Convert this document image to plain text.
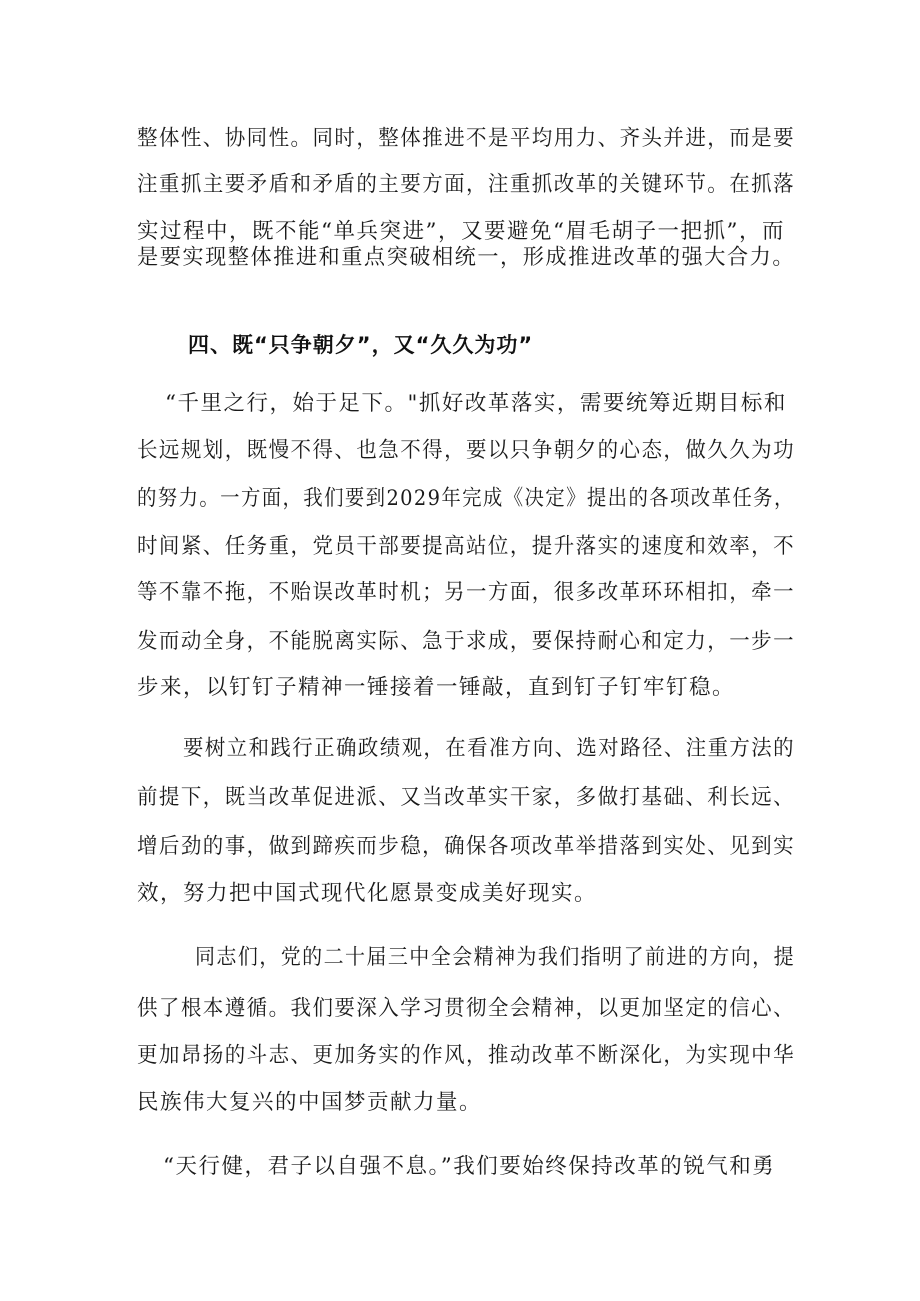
整体性、协同性。同时，整体推进不是平均用力、齐头并进，而是要
注重抓主要矛盾和矛盾的主要方面，注重抓改革的关键环节。在抓落
实过程中，既不能“单兵突进”，又要避免“眉毛胡子一把抓”，而
是要实现整体推进和重点突破相统一，形成推进改革的强大合力。
四、既“只争朝夕”，又“久久为功”
“千里之行，始于足下。"抓好改革落实，需要统筹近期目标和
长远规划，既慢不得、也急不得，要以只争朝夕的心态，做久久为功
的努力。一方面，我们要到2029年完成《决定》提出的各项改革任务，
时间紧、任务重，党员干部要提高站位，提升落实的速度和效率，不
等不靠不拖，不贻误改革时机；另一方面，很多改革环环相扣，牵一
发而动全身，不能脱离实际、急于求成，要保持耐心和定力，一步一
步来，以钉钉子精神一锤接着一锤敲，直到钉子钉牢钉稳。
要树立和践行正确政绩观，在看准方向、选对路径、注重方法的
前提下，既当改革促进派、又当改革实干家，多做打基础、利长远、
增后劲的事，做到蹄疾而步稳，确保各项改革举措落到实处、见到实
效，努力把中国式现代化愿景变成美好现实。
同志们，党的二十届三中全会精神为我们指明了前进的方向，提
供了根本遵循。我们要深入学习贯彻全会精神，以更加坚定的信心、
更加昂扬的斗志、更加务实的作风，推动改革不断深化，为实现中华
民族伟大复兴的中国梦贡献力量。
“天行健，君子以自强不息。”我们要始终保持改革的锐气和勇
